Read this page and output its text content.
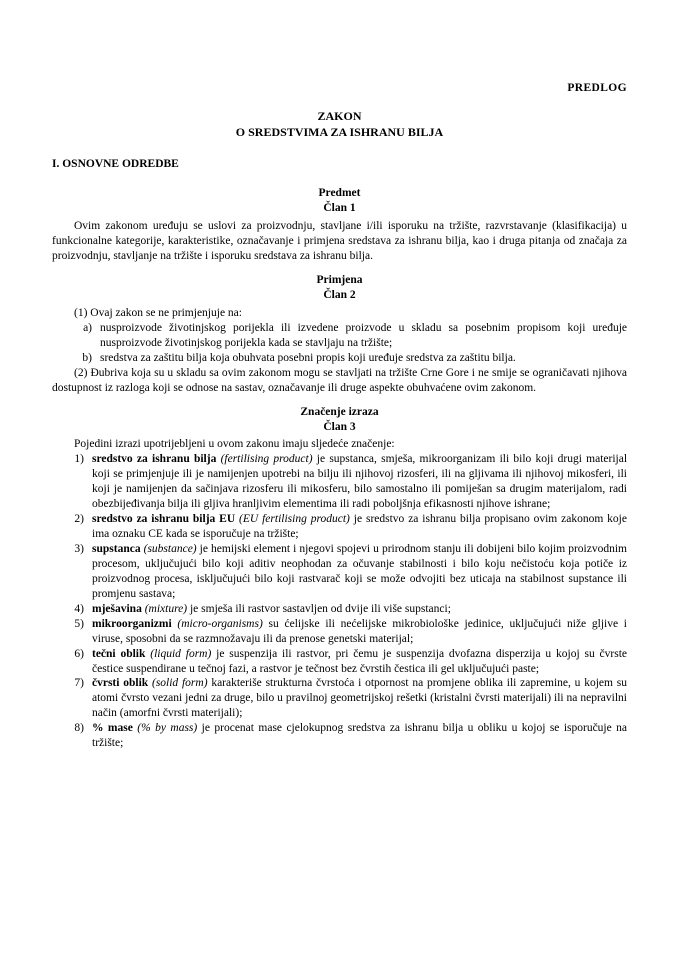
PREDLOG
ZAKON
O SREDSTVIMA ZA ISHRANU BILJA
I. OSNOVNE ODREDBE
Predmet
Član 1

Ovim zakonom uređuju se uslovi za proizvodnju, stavljane i/ili isporuku na tržište, razvrstavanje (klasifikacija) u funkcionalne kategorije, karakteristike, označavanje i primjena sredstava za ishranu bilja, kao i druga pitanja od značaja za proizvodnju, stavljanje na tržište i isporuku sredstava za ishranu bilja.

Primjena
Član 2

(1) Ovaj zakon se ne primjenjuje na:

a) nusproizvode životinjskog porijekla ili izvedene proizvode u skladu sa posebnim propisom koji uređuje nusproizvode životinjskog porijekla kada se stavljaju na tržište;
b) sredstva za zaštitu bilja koja obuhvata posebni propis koji uređuje sredstva za zaštitu bilja.

(2) Đubriva koja su u skladu sa ovim zakonom mogu se stavljati na tržište Crne Gore i ne smije se ograničavati njihova dostupnost iz razloga koji se odnose na sastav, označavanje ili druge aspekte obuhvaćene ovim zakonom.

Značenje izraza
Član 3

Pojedini izrazi upotrijebljeni u ovom zakonu imaju sljedeće značenje:

1) sredstvo za ishranu bilja (fertilising product) je supstanca, smješa, mikroorganizam ili bilo koji drugi materijal koji se primjenjuje ili je namijenjen upotrebi na bilju ili njihovoj rizosferi, ili na gljivama ili njihovoj mikosferi, ili koji je namijenjen da sačinjava rizosferu ili mikosferu, bilo samostalno ili pomiješan sa drugim materijalom, radi obezbijeđivanja bilja ili gljiva hranljivim elementima ili radi poboljšnja efikasnosti njihove ishrane;
2) sredstvo za ishranu bilja EU (EU fertilising product) je sredstvo za ishranu bilja propisano ovim zakonom koje ima oznaku CE kada se isporučuje na tržište;
3) supstanca (substance) je hemijski element i njegovi spojevi u prirodnom stanju ili dobijeni bilo kojim proizvodnim procesom, uključujući bilo koji aditiv neophodan za očuvanje stabilnosti i bilo koju nečistoću koja potiče iz proizvodnog procesa, isključujući bilo koji rastvarač koji se može odvojiti bez uticaja na stabilnost supstance ili promjenu sastava;
4) mješavina (mixture) je smješa ili rastvor sastavljen od dvije ili više supstanci;
5) mikroorganizmi (micro-organisms) su ćelijske ili nećelijske mikrobiološke jedinice, uključujući niže gljive i viruse, sposobni da se razmnožavaju ili da prenose genetski materijal;
6) tečni oblik (liquid form) je suspenzija ili rastvor, pri čemu je suspenzija dvofazna disperzija u kojoj su čvrste čestice suspendirane u tečnoj fazi, a rastvor je tečnost bez čvrstih čestica ili gel uključujući paste;
7) čvrsti oblik (solid form) karakteriše strukturna čvrstoća i otpornost na promjene oblika ili zapremine, u kojem su atomi čvrsto vezani jedni za druge, bilo u pravilnoj geometrijskoj rešetki (kristalni čvrsti materijali) ili na nepravilni način (amorfni čvrsti materijali);
8) % mase (% by mass) je procenat mase cjelokupnog sredstva za ishranu bilja u obliku u kojoj se isporučuje na tržište;
